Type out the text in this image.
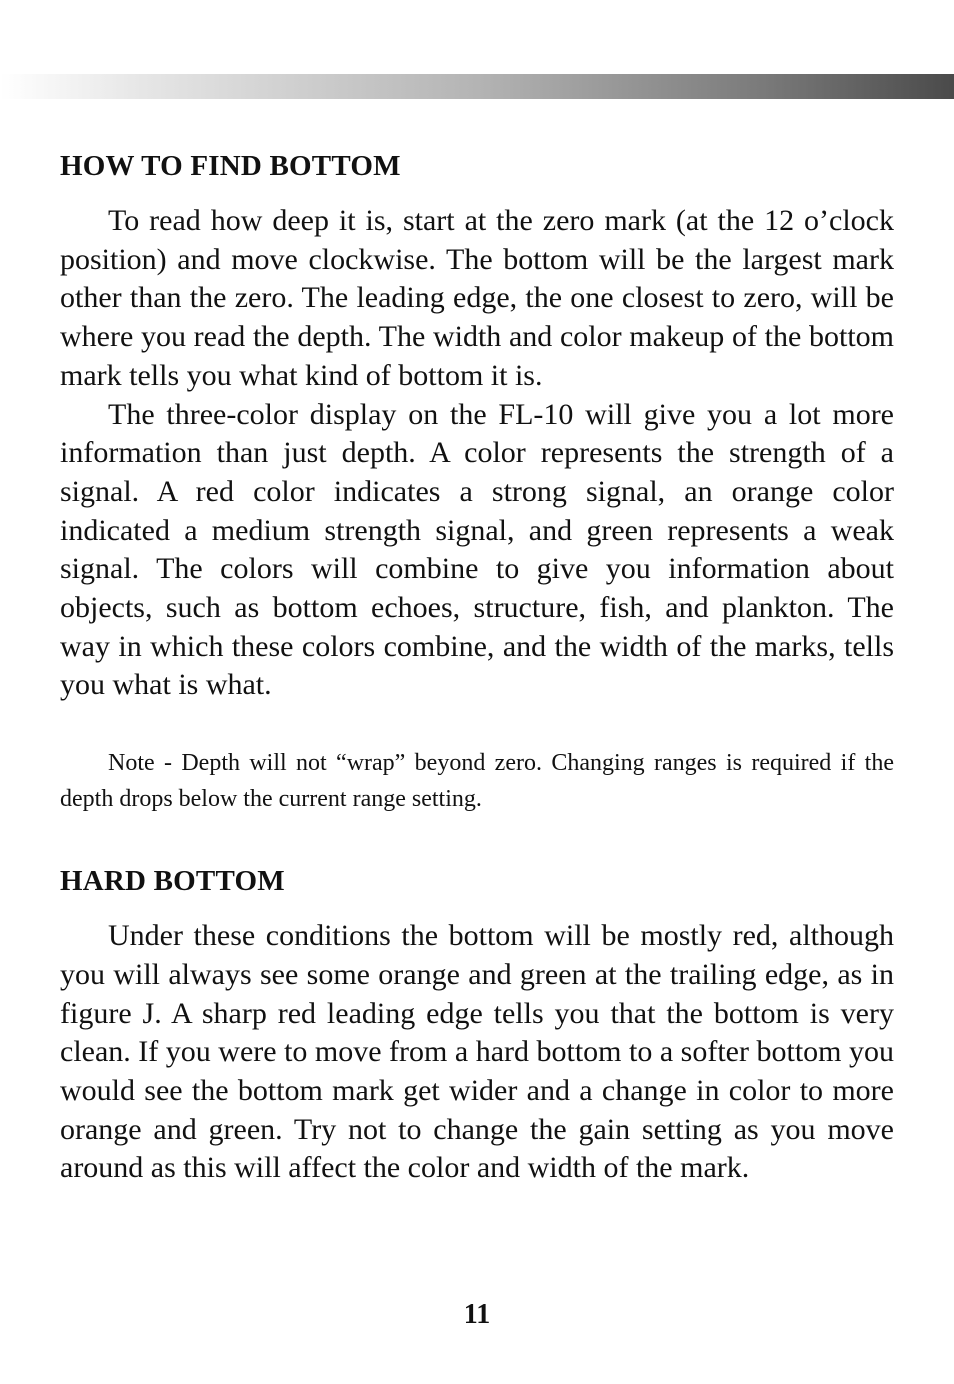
HOW TO FIND BOTTOM

To read how deep it is, start at the zero mark (at the 12 o’clock position) and move clockwise. The bottom will be the largest mark other than the zero. The leading edge, the one closest to zero, will be where you read the depth. The width and color makeup of the bottom mark tells you what kind of bottom it is.

The three-color display on the FL-10 will give you a lot more information than just depth. A color represents the strength of a signal. A red color indicates a strong signal, an orange color indicated a medium strength signal, and green represents a weak signal. The colors will combine to give you information about objects, such as bottom echoes, structure, fish, and plankton. The way in which these colors combine, and the width of the marks, tells you what is what.

Note - Depth will not “wrap” beyond zero. Changing ranges is required if the depth drops below the current range setting.

HARD BOTTOM

Under these conditions the bottom will be mostly red, although you will always see some orange and green at the trailing edge, as in figure J. A sharp red leading edge tells you that the bottom is very clean. If you were to move from a hard bottom to a softer bottom you would see the bottom mark get wider and a change in color to more orange and green. Try not to change the gain setting as you move around as this will affect the color and width of the mark.

11
